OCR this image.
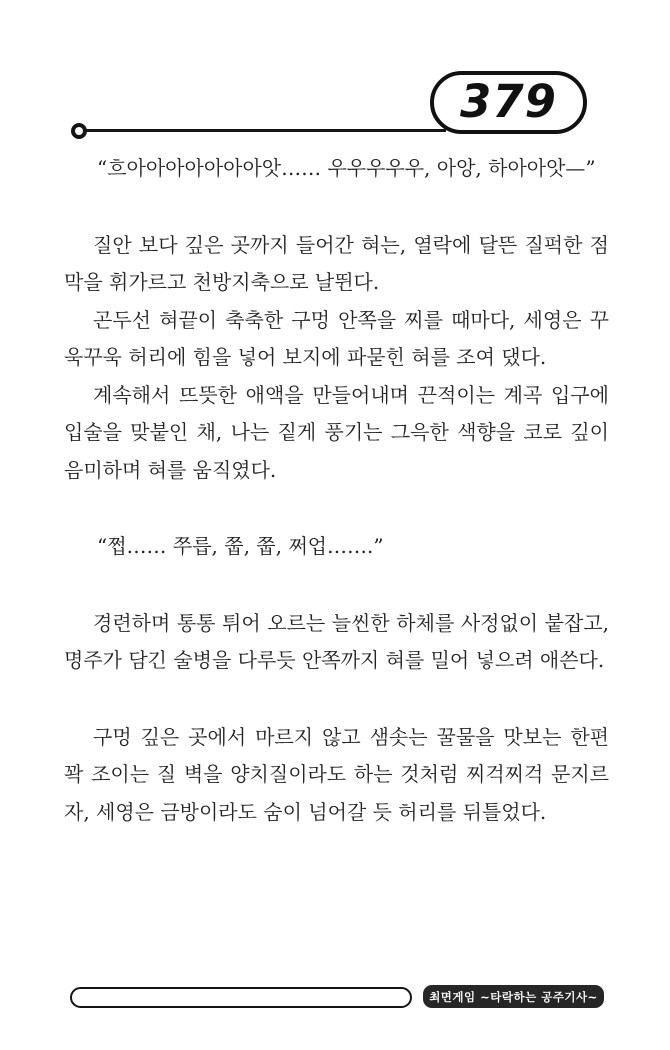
379

“흐아아아아아아아앗…… 우우우우우, 아앙, 하아아앗—”

질안 보다 깊은 곳까지 들어간 혀는, 열락에 달뜬 질퍽한 점막을 휘가르고 천방지축으로 날뛴다.

곤두선 혀끝이 축축한 구멍 안쪽을 찌를 때마다, 세영은 꾸욱꾸욱 허리에 힘을 넣어 보지에 파묻힌 혀를 조여 댔다.

계속해서 뜨뜻한 애액을 만들어내며 끈적이는 계곡 입구에 입술을 맞붙인 채, 나는 짙게 풍기는 그윽한 색향을 코로 깊이 음미하며 혀를 움직였다.

“쩝…… 쭈릅, 쭙, 쭙, 쩌업…….”

경련하며 통통 튀어 오르는 늘씬한 하체를 사정없이 붙잡고, 명주가 담긴 술병을 다루듯 안쪽까지 혀를 밀어 넣으려 애쓴다.

구멍 깊은 곳에서 마르지 않고 샘솟는 꿀물을 맛보는 한편 꽉 조이는 질 벽을 양치질이라도 하는 것처럼 찌걱찌걱 문지르자, 세영은 금방이라도 숨이 넘어갈 듯 허리를 뒤틀었다.

최면게임 ~타락하는 공주기사~
